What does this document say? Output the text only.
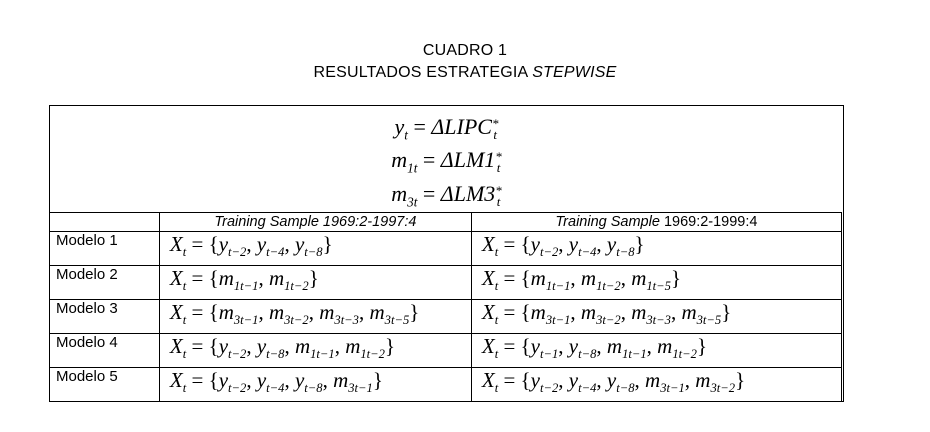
CUADRO 1
RESULTADOS ESTRATEGIA STEPWISE
$y_t$ = ΔLIPC *
t
$m_{1t} = \Delta LM1$ *
t
$m_{3t} = \Delta LM3$ *
t
	Training Sample 1969:2-1997:4	Training Sample 1969:2-1999:4
Modelo 1	$X_t = \{y_{t-2}$, $y_{t-4}$, $y_{t-8}$}	$X_t = \{y_{t-2}$, $y_{t-4}$, $y_{t-8}$}
Modelo 2	$X_t = \{m_{1t-1}$, $m_{1t-2}$}	$X_t = \{m_{1t-1}$, $m_{1t-2}$, $m_{1t-5}$}
Modelo 3	$X_t = \{m_{3t-1}$, $m_{3t-2}$, $m_{3t-3}$, $m_{3t-5}$}	$X_t = \{m_{3t-1}$, $m_{3t-2}$, $m_{3t-3}$, $m_{3t-5}$}
Modelo 4	$X_t = \{y_{t-2}$, $y_{t-8}$, $m_{1t-1}$, $m_{1t-2}$}	$X_t = \{y_{t-1}$, $y_{t-8}$, $m_{1t-1}$, $m_{1t-2}$}
Modelo 5	$X_t = \{y_{t-2}$, $y_{t-4}$, $y_{t-8}$, $m_{3t-1}$}	$X_t = \{y_{t-2}$, $y_{t-4}$, $y_{t-8}$, $m_{3t-1}$, $m_{3t-2}$}
